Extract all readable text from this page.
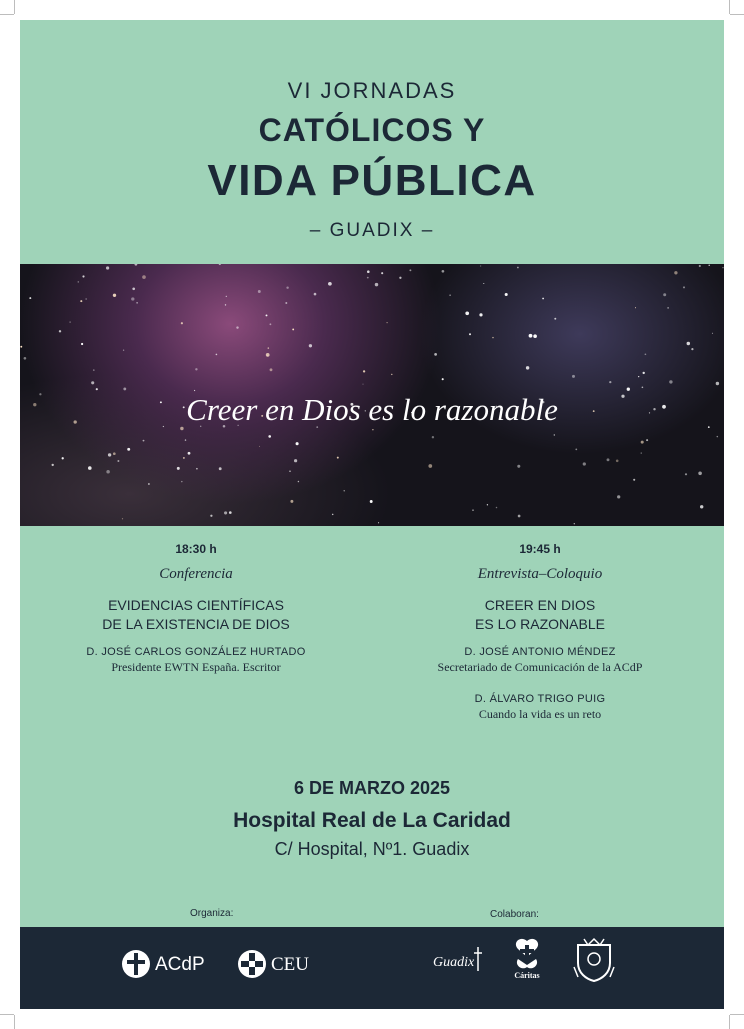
VI JORNADAS
CATÓLICOS Y
VIDA PÚBLICA
– GUADIX –
Creer en Dios es lo razonable
18:30 h
Conferencia
EVIDENCIAS CIENTÍFICAS
DE LA EXISTENCIA DE DIOS
D. JOSÉ CARLOS GONZÁLEZ HURTADO
Presidente EWTN España. Escritor
19:45 h
Entrevista–Coloquio
CREER EN DIOS
ES LO RAZONABLE
D. JOSÉ ANTONIO MÉNDEZ
Secretariado de Comunicación de la ACdP
D. ÁLVARO TRIGO PUIG
Cuando la vida es un reto
6 DE MARZO 2025
Hospital Real de La Caridad
C/ Hospital, Nº1. Guadix
Organiza:	Colaboran:
ACdP	CEU	Guadix
Cáritas
